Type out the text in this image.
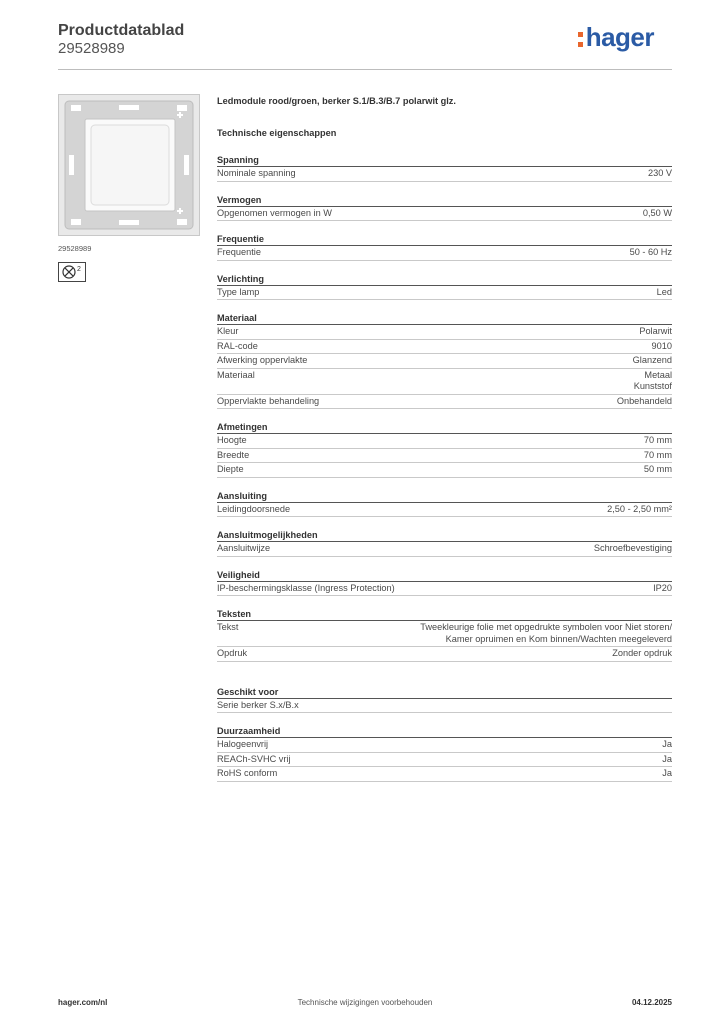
Productdatablad
29528989	hager
29528989
2
Ledmodule rood/groen, berker S.1/B.3/B.7 polarwit glz.
Technische eigenschappen
Spanning
Nominale spanning	230 V
Vermogen
Opgenomen vermogen in W	0,50 W
Frequentie
Frequentie	50 - 60 Hz
Verlichting
Type lamp	Led
Materiaal
Kleur	Polarwit
RAL-code	9010
Afwerking oppervlakte	Glanzend
Materiaal	Metaal
Kunststof
Oppervlakte behandeling	Onbehandeld
Afmetingen
Hoogte	70 mm
Breedte	70 mm
Diepte	50 mm
Aansluiting
Leidingdoorsnede	2,50 - 2,50 mm²
Aansluitmogelijkheden
Aansluitwijze	Schroefbevestiging
Veiligheid
IP-beschermingsklasse (Ingress Protection)	IP20
Teksten
Tekst	Tweekleurige folie met opgedrukte symbolen voor Niet storen/
Kamer opruimen en Kom binnen/Wachten meegeleverd
Opdruk	Zonder opdruk
Geschikt voor
Serie berker S.x/B.x
Duurzaamheid
Halogeenvrij	Ja
REACh-SVHC vrij	Ja
RoHS conform	Ja
hager.com/nl	Technische wijzigingen voorbehouden	04.12.2025
